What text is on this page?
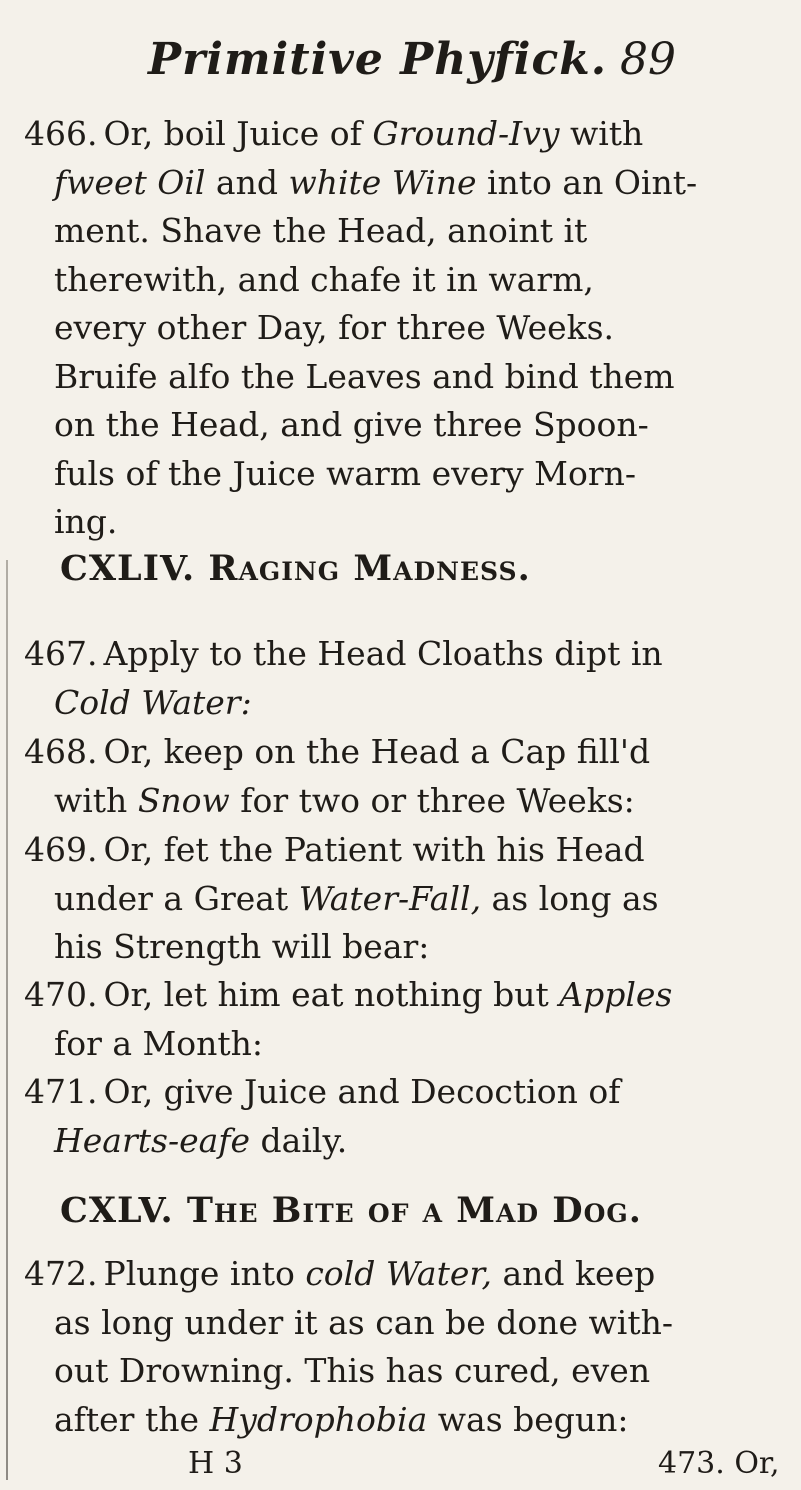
Primitive Phyfick. 89

466. Or, boil Juice of Ground-Ivy with
fweet Oil and white Wine into an Oint-
ment. Shave the Head, anoint it
therewith, and chafe it in warm,
every other Day, for three Weeks.
Bruife alfo the Leaves and bind them
on the Head, and give three Spoon-
fuls of the Juice warm every Morn-
ing.

CXLIV. Raging Madness.

467. Apply to the Head Cloaths dipt in
Cold Water:

468. Or, keep on the Head a Cap fill'd
with Snow for two or three Weeks:

469. Or, fet the Patient with his Head
under a Great Water-Fall, as long as
his Strength will bear:

470. Or, let him eat nothing but Apples
for a Month:

471. Or, give Juice and Decoction of
Hearts-eafe daily.

CXLV. The Bite of a Mad Dog.

472. Plunge into cold Water, and keep
as long under it as can be done with-
out Drowning. This has cured, even
after the Hydrophobia was begun:

H 3	473. Or,
